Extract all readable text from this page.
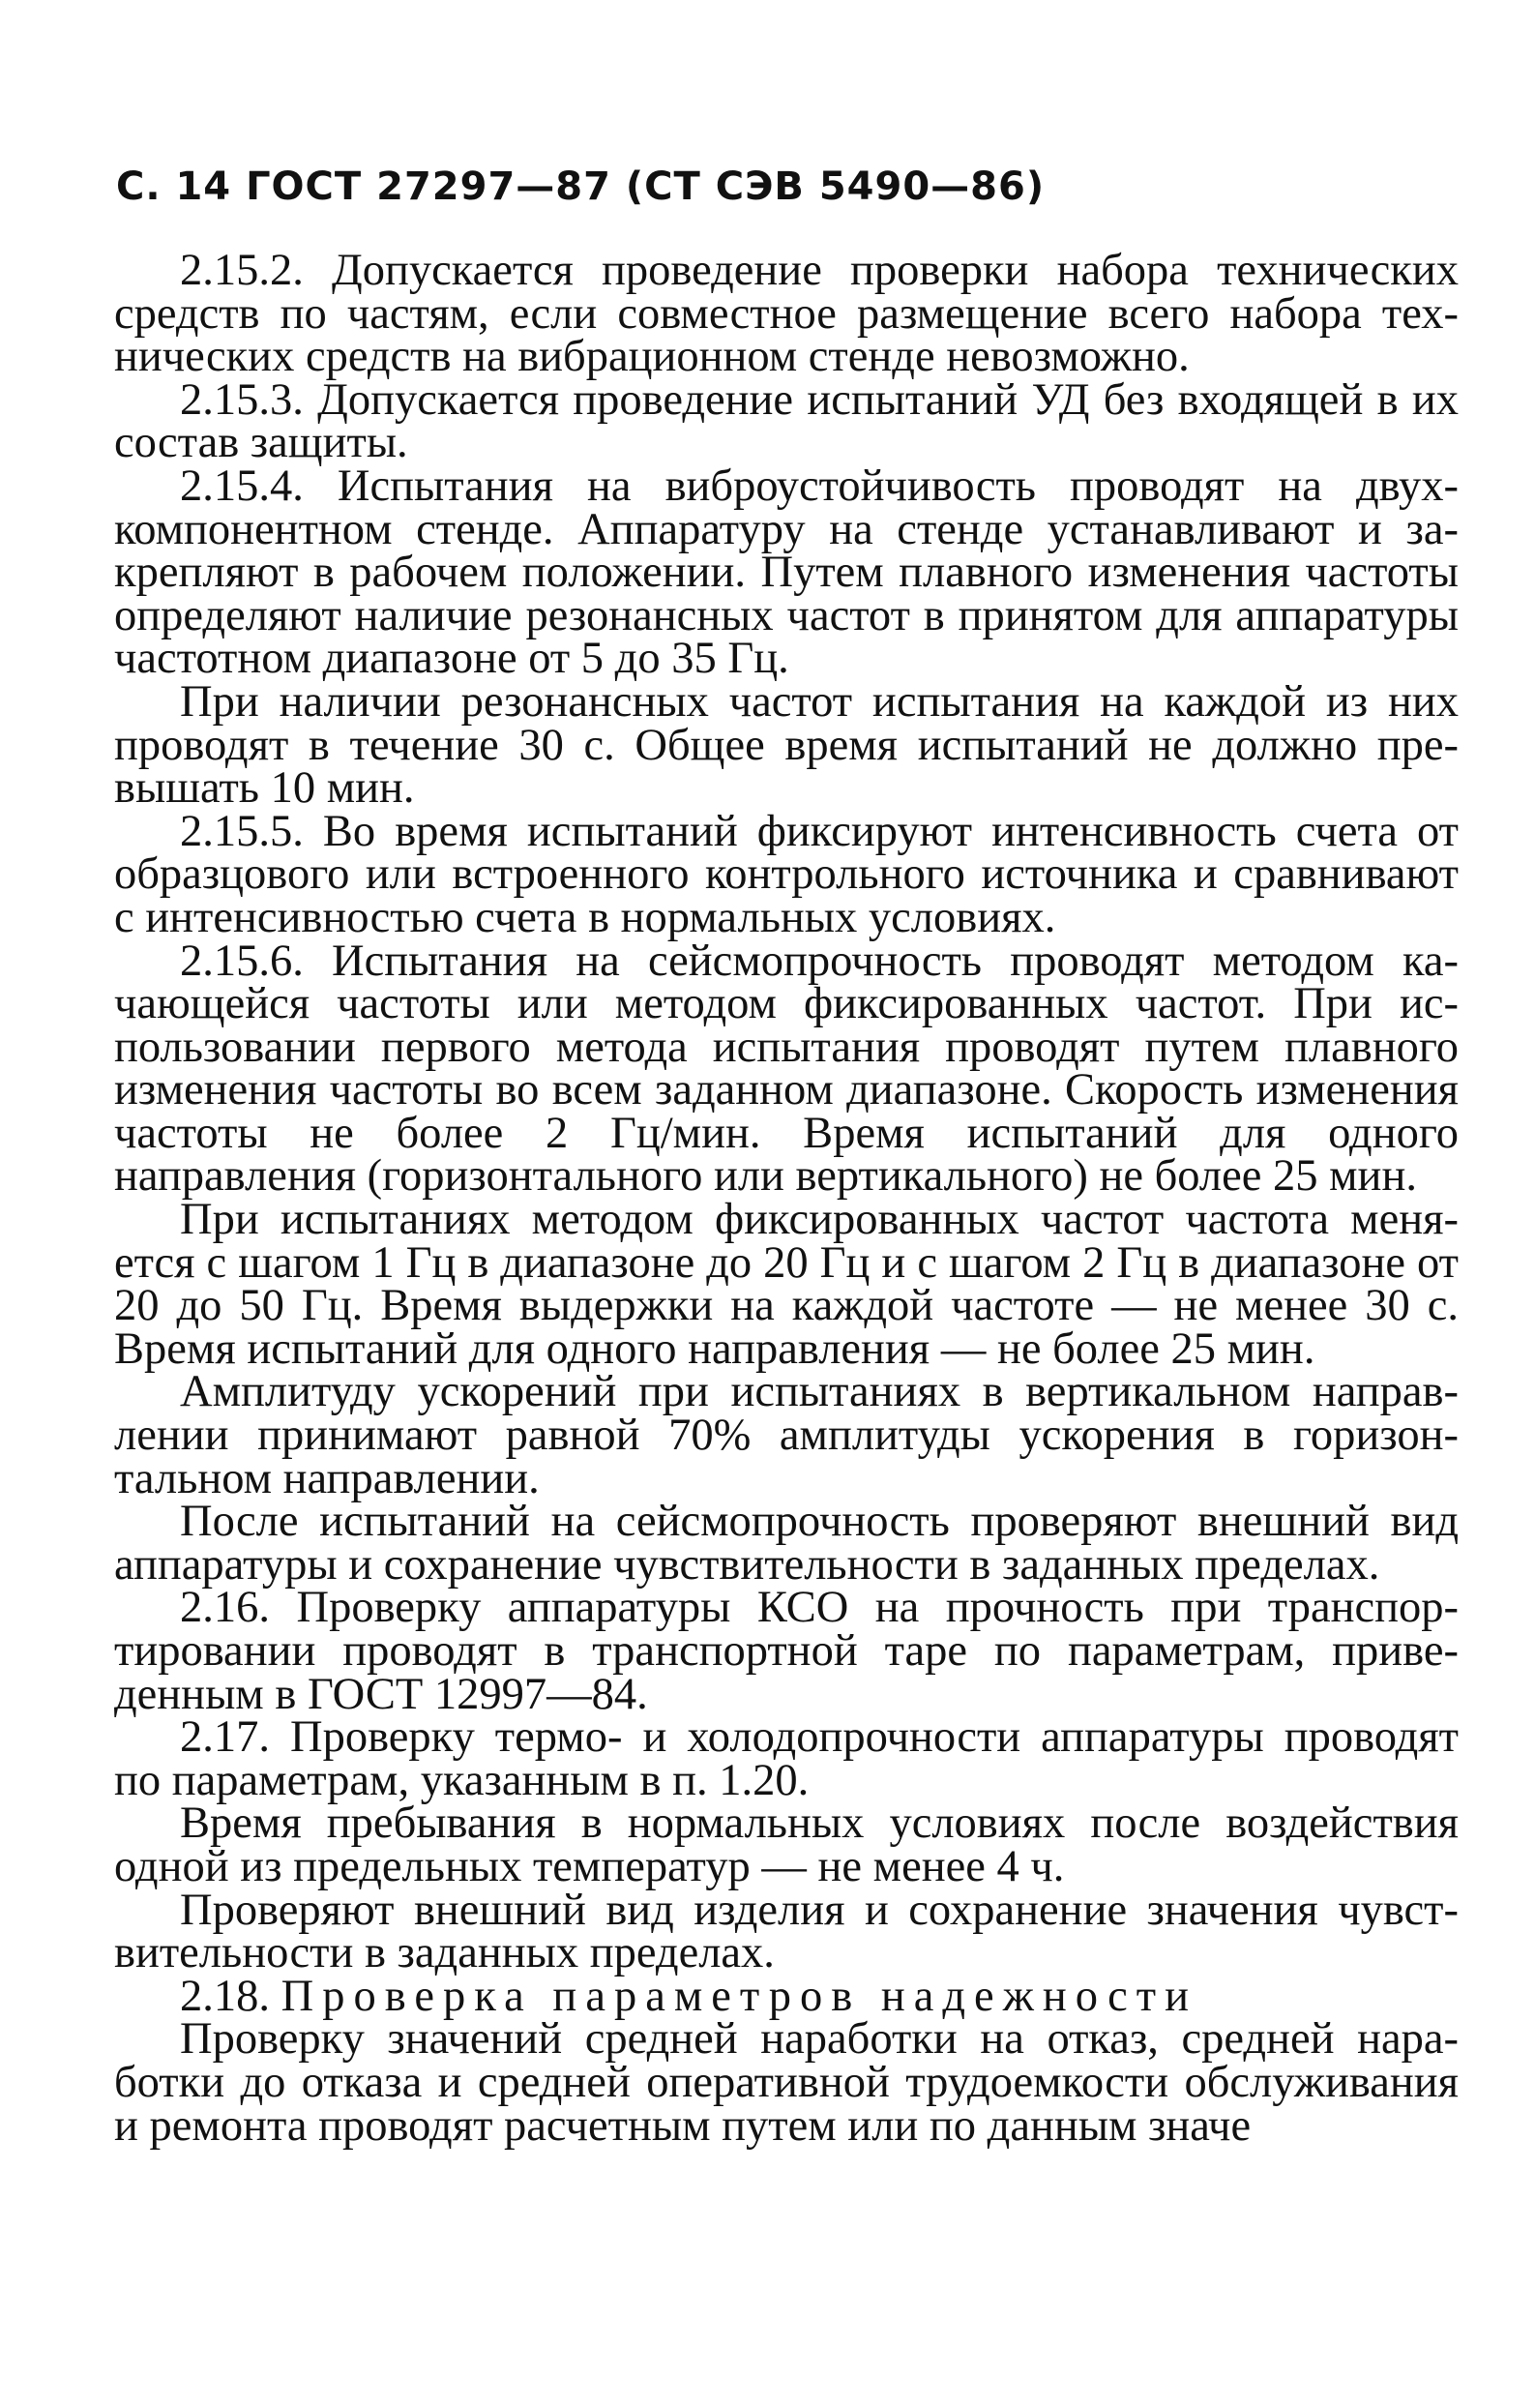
С. 14 ГОСТ 27297—87 (СТ СЭВ 5490—86)

2.15.2. Допускается проведение проверки набора технических средств по частям, если совместное размещение всего набора технических средств на вибрационном стенде невозможно.

2.15.3. Допускается проведение испытаний УД без входящей в их состав защиты.

2.15.4. Испытания на виброустойчивость проводят на двухкомпонентном стенде. Аппаратуру на стенде устанавливают и закрепляют в рабочем положении. Путем плавного изменения частоты определяют наличие резонансных частот в принятом для аппаратуры частотном диапазоне от 5 до 35 Гц.

При наличии резонансных частот испытания на каждой из них проводят в течение 30 с. Общее время испытаний не должно превышать 10 мин.

2.15.5. Во время испытаний фиксируют интенсивность счета от образцового или встроенного контрольного источника и сравнивают с интенсивностью счета в нормальных условиях.

2.15.6. Испытания на сейсмопрочность проводят методом качающейся частоты или методом фиксированных частот. При использовании первого метода испытания проводят путем плавного изменения частоты во всем заданном диапазоне. Скорость изменения частоты не более 2 Гц/мин. Время испытаний для одного направления (горизонтального или вертикального) не более 25 мин.

При испытаниях методом фиксированных частот частота меняется с шагом 1 Гц в диапазоне до 20 Гц и с шагом 2 Гц в диапазоне от 20 до 50 Гц. Время выдержки на каждой частоте — не менее 30 с. Время испытаний для одного направления — не более 25 мин.

Амплитуду ускорений при испытаниях в вертикальном направлении принимают равной 70% амплитуды ускорения в горизонтальном направлении.

После испытаний на сейсмопрочность проверяют внешний вид аппаратуры и сохранение чувствительности в заданных пределах.

2.16. Проверку аппаратуры КСО на прочность при транспортировании проводят в транспортной таре по параметрам, приведенным в ГОСТ 12997—84.

2.17. Проверку термо- и холодопрочности аппаратуры проводят по параметрам, указанным в п. 1.20.

Время пребывания в нормальных условиях после воздействия одной из предельных температур — не менее 4 ч.

Проверяют внешний вид изделия и сохранение значения чувствительности в заданных пределах.

2.18. Проверка параметров надежности

Проверку значений средней наработки на отказ, средней наработки до отказа и средней оперативной трудоемкости обслуживания и ремонта проводят расчетным путем или по данным значе
